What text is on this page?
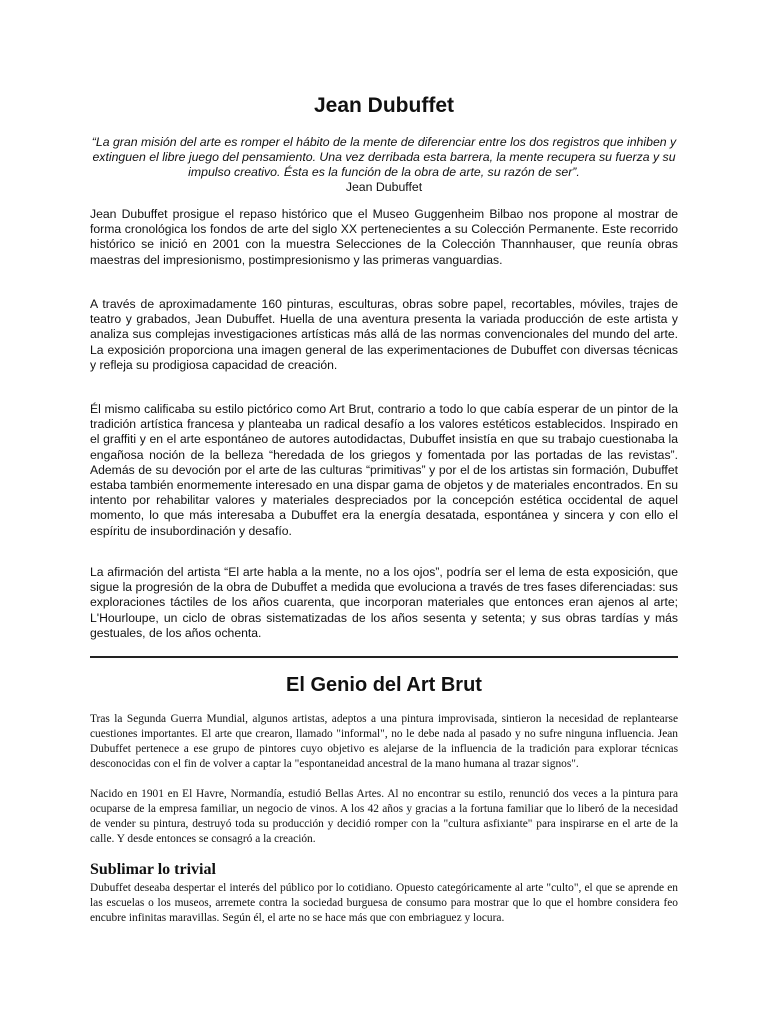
Jean Dubuffet

“La gran misión del arte es romper el hábito de la mente de diferenciar entre los dos registros que inhiben y extinguen el libre juego del pensamiento. Una vez derribada esta barrera, la mente recupera su fuerza y su impulso creativo. Ésta es la función de la obra de arte, su razón de ser”.

Jean Dubuffet

Jean Dubuffet prosigue el repaso histórico que el Museo Guggenheim Bilbao nos propone al mostrar de forma cronológica los fondos de arte del siglo XX pertenecientes a su Colección Permanente. Este recorrido histórico se inició en 2001 con la muestra Selecciones de la Colección Thannhauser, que reunía obras maestras del impresionismo, postimpresionismo y las primeras vanguardias.

A través de aproximadamente 160 pinturas, esculturas, obras sobre papel, recortables, móviles, trajes de teatro y grabados, Jean Dubuffet. Huella de una aventura presenta la variada producción de este artista y analiza sus complejas investigaciones artísticas más allá de las normas convencionales del mundo del arte. La exposición proporciona una imagen general de las experimentaciones de Dubuffet con diversas técnicas y refleja su prodigiosa capacidad de creación.

Él mismo calificaba su estilo pictórico como Art Brut, contrario a todo lo que cabía esperar de un pintor de la tradición artística francesa y planteaba un radical desafío a los valores estéticos establecidos. Inspirado en el graffiti y en el arte espontáneo de autores autodidactas, Dubuffet insistía en que su trabajo cuestionaba la engañosa noción de la belleza “heredada de los griegos y fomentada por las portadas de las revistas”. Además de su devoción por el arte de las culturas “primitivas” y por el de los artistas sin formación, Dubuffet estaba también enormemente interesado en una dispar gama de objetos y de materiales encontrados. En su intento por rehabilitar valores y materiales despreciados por la concepción estética occidental de aquel momento, lo que más interesaba a Dubuffet era la energía desatada, espontánea y sincera y con ello el espíritu de insubordinación y desafío.

La afirmación del artista “El arte habla a la mente, no a los ojos”, podría ser el lema de esta exposición, que sigue la progresión de la obra de Dubuffet a medida que evoluciona a través de tres fases diferenciadas: sus exploraciones táctiles de los años cuarenta, que incorporan materiales que entonces eran ajenos al arte; L'Hourloupe, un ciclo de obras sistematizadas de los años sesenta y setenta; y sus obras tardías y más gestuales, de los años ochenta.

El Genio del Art Brut

Tras la Segunda Guerra Mundial, algunos artistas, adeptos a una pintura improvisada, sintieron la necesidad de replantearse cuestiones importantes. El arte que crearon, llamado "informal", no le debe nada al pasado y no sufre ninguna influencia. Jean Dubuffet pertenece a ese grupo de pintores cuyo objetivo es alejarse de la influencia de la tradición para explorar técnicas desconocidas con el fin de volver a captar la "espontaneidad ancestral de la mano humana al trazar signos".

Nacido en 1901 en El Havre, Normandía, estudió Bellas Artes. Al no encontrar su estilo, renunció dos veces a la pintura para ocuparse de la empresa familiar, un negocio de vinos. A los 42 años y gracias a la fortuna familiar que lo liberó de la necesidad de vender su pintura, destruyó toda su producción y decidió romper con la "cultura asfixiante" para inspirarse en el arte de la calle. Y desde entonces se consagró a la creación.

Sublimar lo trivial

Dubuffet deseaba despertar el interés del público por lo cotidiano. Opuesto categóricamente al arte "culto", el que se aprende en las escuelas o los museos, arremete contra la sociedad burguesa de consumo para mostrar que lo que el hombre considera feo encubre infinitas maravillas. Según él, el arte no se hace más que con embriaguez y locura.
